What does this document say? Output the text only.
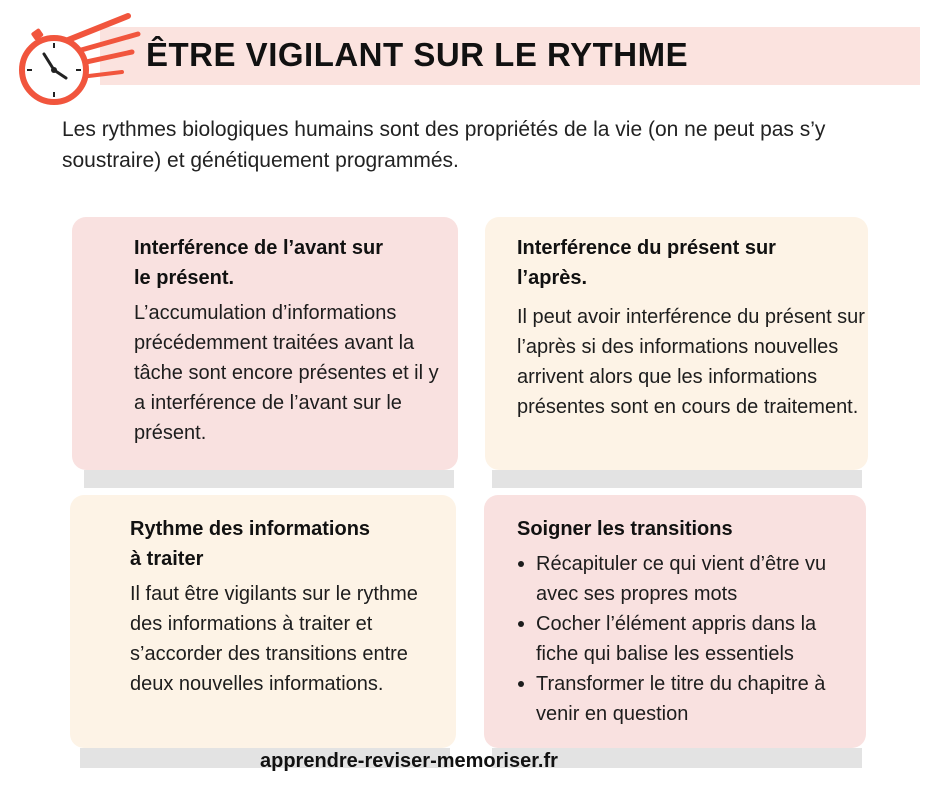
ÊTRE VIGILANT SUR LE RYTHME
Les rythmes biologiques humains sont des propriétés de la vie (on ne peut pas s’y soustraire) et génétiquement programmés.
Interférence de l’avant sur
le présent.
L’accumulation d’informations précédemment traitées avant la tâche sont encore présentes et il y a interférence de l’avant sur le présent.
Interférence du présent sur
l’après.
Il peut avoir interférence du présent sur l’après si des informations nouvelles arrivent alors que les informations présentes sont en cours de traitement.
Rythme des informations
à traiter
Il faut être vigilants sur le rythme des informations à traiter et s’accorder des transitions entre deux nouvelles informations.
Soigner les transitions
Récapituler ce qui vient d’être vu avec ses propres mots
Cocher l’élément appris dans la fiche qui balise les essentiels
Transformer le titre du chapitre à venir en question
apprendre-reviser-memoriser.fr
